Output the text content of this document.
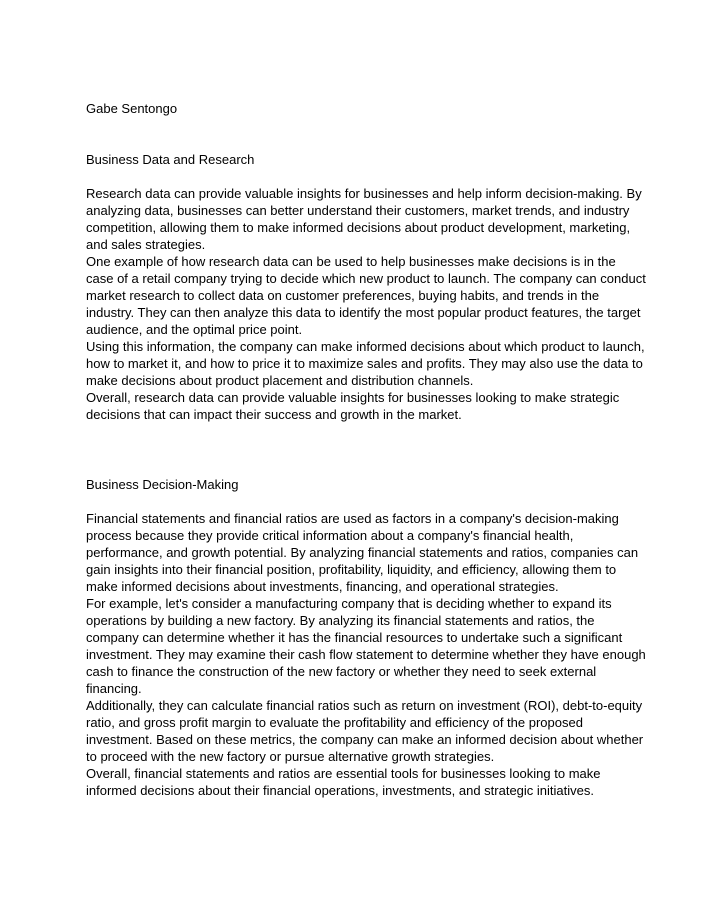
Gabe Sentongo

Business Data and Research

Research data can provide valuable insights for businesses and help inform decision-making. By analyzing data, businesses can better understand their customers, market trends, and industry competition, allowing them to make informed decisions about product development, marketing, and sales strategies.

One example of how research data can be used to help businesses make decisions is in the case of a retail company trying to decide which new product to launch. The company can conduct market research to collect data on customer preferences, buying habits, and trends in the industry. They can then analyze this data to identify the most popular product features, the target audience, and the optimal price point.

Using this information, the company can make informed decisions about which product to launch, how to market it, and how to price it to maximize sales and profits. They may also use the data to make decisions about product placement and distribution channels.

Overall, research data can provide valuable insights for businesses looking to make strategic decisions that can impact their success and growth in the market.

Business Decision-Making

Financial statements and financial ratios are used as factors in a company's decision-making process because they provide critical information about a company's financial health, performance, and growth potential. By analyzing financial statements and ratios, companies can gain insights into their financial position, profitability, liquidity, and efficiency, allowing them to make informed decisions about investments, financing, and operational strategies.

For example, let's consider a manufacturing company that is deciding whether to expand its operations by building a new factory. By analyzing its financial statements and ratios, the company can determine whether it has the financial resources to undertake such a significant investment. They may examine their cash flow statement to determine whether they have enough cash to finance the construction of the new factory or whether they need to seek external financing.

Additionally, they can calculate financial ratios such as return on investment (ROI), debt-to-equity ratio, and gross profit margin to evaluate the profitability and efficiency of the proposed investment. Based on these metrics, the company can make an informed decision about whether to proceed with the new factory or pursue alternative growth strategies.

Overall, financial statements and ratios are essential tools for businesses looking to make informed decisions about their financial operations, investments, and strategic initiatives.
